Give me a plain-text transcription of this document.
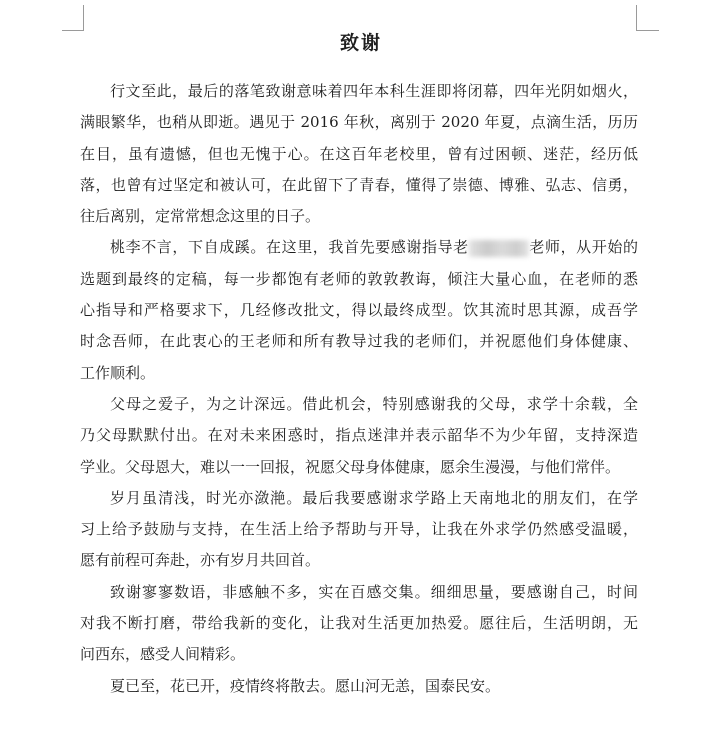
致谢
行文至此，最后的落笔致谢意味着四年本科生涯即将闭幕，四年光阴如烟火，
满眼繁华，也稍从即逝。遇见于 2016 年秋，离别于 2020 年夏，点滴生活，历历
在目，虽有遗憾，但也无愧于心。在这百年老校里，曾有过困顿、迷茫，经历低
落，也曾有过坚定和被认可，在此留下了青春，懂得了崇德、博雅、弘志、信勇，
往后离别，定常常想念这里的日子。
桃李不言，下自成蹊。在这里，我首先要感谢指导老	老师，从开始的
选题到最终的定稿，每一步都饱有老师的敦敦教诲，倾注大量心血，在老师的悉
心指导和严格要求下，几经修改批文，得以最终成型。饮其流时思其源，成吾学
时念吾师，在此衷心的王老师和所有教导过我的老师们，并祝愿他们身体健康、
工作顺利。
父母之爱子，为之计深远。借此机会，特别感谢我的父母，求学十余载，全
乃父母默默付出。在对未来困惑时，指点迷津并表示韶华不为少年留，支持深造
学业。父母恩大，难以一一回报，祝愿父母身体健康，愿余生漫漫，与他们常伴。
岁月虽清浅，时光亦潋滟。最后我要感谢求学路上天南地北的朋友们，在学
习上给予鼓励与支持，在生活上给予帮助与开导，让我在外求学仍然感受温暖，
愿有前程可奔赴，亦有岁月共回首。
致谢寥寥数语，非感触不多，实在百感交集。细细思量，要感谢自己，时间
对我不断打磨，带给我新的变化，让我对生活更加热爱。愿往后，生活明朗，无
问西东，感受人间精彩。
夏已至，花已开，疫情终将散去。愿山河无恙，国泰民安。
